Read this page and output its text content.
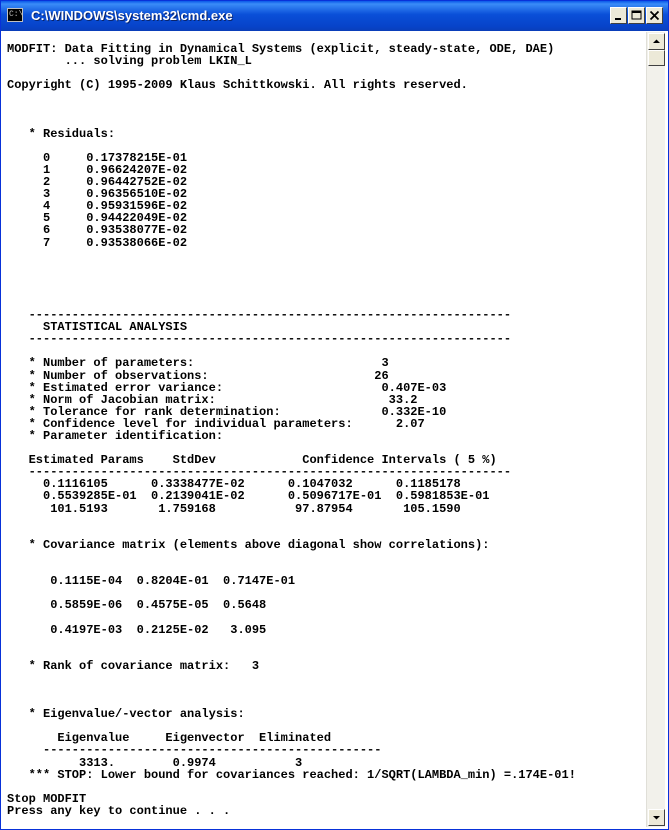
C:\ C:\WINDOWS\system32\cmd.exe
MODFIT: Data Fitting in Dynamical Systems (explicit, steady-state, ODE, DAE)
... solving problem LKIN_L

Copyright (C) 1995-2009 Klaus Schittkowski. All rights reserved.

* Residuals:

0     0.17378215E-01
1     0.96624207E-02
2     0.96442752E-02
3     0.96356510E-02
4     0.95931596E-02
5     0.94422049E-02
6     0.93538077E-02
7     0.93538066E-02

-------------------------------------------------------------------
STATISTICAL ANALYSIS
-------------------------------------------------------------------

* Number of parameters:                          3
* Number of observations:                       26
* Estimated error variance:                      0.407E-03
* Norm of Jacobian matrix:                        33.2
* Tolerance for rank determination:              0.332E-10
* Confidence level for individual parameters:      2.07
* Parameter identification:

Estimated Params    StdDev            Confidence Intervals ( 5 %)
-------------------------------------------------------------------
0.1116105      0.3338477E-02      0.1047032      0.1185178
0.5539285E-01  0.2139041E-02      0.5096717E-01  0.5981853E-01
101.5193       1.759168           97.87954       105.1590

* Covariance matrix (elements above diagonal show correlations):

0.1115E-04  0.8204E-01  0.7147E-01

0.5859E-06  0.4575E-05  0.5648

0.4197E-03  0.2125E-02   3.095

* Rank of covariance matrix:   3

* Eigenvalue/-vector analysis:

Eigenvalue     Eigenvector  Eliminated
-----------------------------------------------
3313.        0.9974           3
*** STOP: Lower bound for covariances reached: 1/SQRT(LAMBDA_min) =.174E-01!

Stop MODFIT
Press any key to continue . . .
